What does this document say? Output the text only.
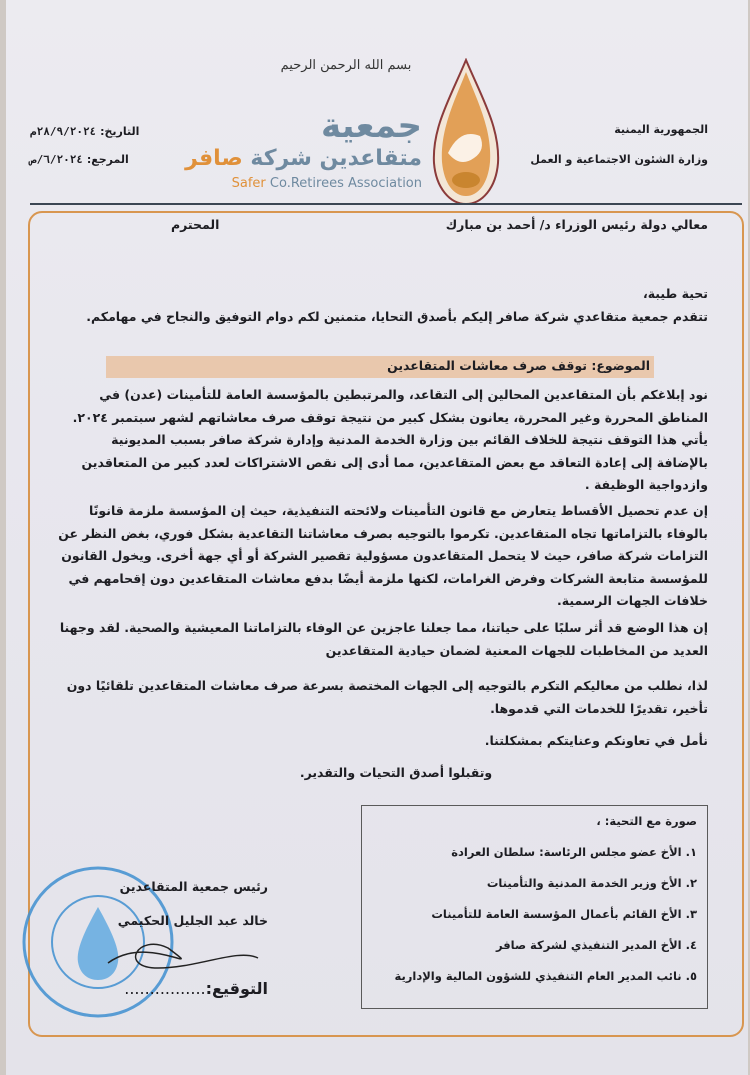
بسم الله الرحمن الرحيم
الجمهورية اليمنية
وزارة الشئون الاجتماعية و العمل
التاريخ: ٢٨/٩/٢٠٢٤م
المرجع: ٦/٢٠٢٤/ص
جمعية
متقاعدين شركة صافر
Safer Co.Retirees Association
معالي دولة رئيس الوزراء د/ أحمد بن مبارك
المحترم
تحية طيبة،
تتقدم جمعية متقاعدي شركة صافر إليكم بأصدق التحايا، متمنين لكم دوام التوفيق والنجاح في مهامكم.
الموضوع: توقف صرف معاشات المتقاعدين
نود إبلاغكم بأن المتقاعدين المحالين إلى التقاعد، والمرتبطين بالمؤسسة العامة للتأمينات (عدن) في المناطق المحررة وغير المحررة، يعانون بشكل كبير من نتيجة توقف صرف معاشاتهم لشهر سبتمبر ٢٠٢٤. يأتي هذا التوقف نتيجة للخلاف القائم بين وزارة الخدمة المدنية وإدارة شركة صافر بسبب المديونية بالإضافة إلى إعادة التعاقد مع بعض المتقاعدين، مما أدى إلى نقص الاشتراكات لعدد كبير من المتعاقدين وازدواجية الوظيفة .
إن عدم تحصيل الأقساط يتعارض مع قانون التأمينات ولائحته التنفيذية، حيث إن المؤسسة ملزمة قانونًا بالوفاء بالتزاماتها تجاه المتقاعدين. تكرموا بالتوجيه بصرف معاشاتنا التقاعدية بشكل فوري، بغض النظر عن التزامات شركة صافر، حيث لا يتحمل المتقاعدون مسؤولية تقصير الشركة أو أي جهة أخرى. ويخول القانون للمؤسسة متابعة الشركات وفرض الغرامات، لكنها ملزمة أيضًا بدفع معاشات المتقاعدين دون إقحامهم في خلافات الجهات الرسمية.
إن هذا الوضع قد أثر سلبًا على حياتنا، مما جعلنا عاجزين عن الوفاء بالتزاماتنا المعيشية والصحية. لقد وجهنا العديد من المخاطبات للجهات المعنية لضمان حيادية المتقاعدين
لذا، نطلب من معاليكم التكرم بالتوجيه إلى الجهات المختصة بسرعة صرف معاشات المتقاعدين تلقائيًا دون تأخير، تقديرًا للخدمات التي قدموها.
نأمل في تعاونكم وعنايتكم بمشكلتنا.
وتقبلوا أصدق التحيات والتقدير.
صورة مع التحية: ،
١. الأخ عضو مجلس الرئاسة: سلطان العرادة
٢. الأخ وزير الخدمة المدنية والتأمينات
٣. الأخ القائم بأعمال المؤسسة العامة للتأمينات
٤. الأخ المدير التنفيذي لشركة صافر
٥. نائب المدير العام التنفيذي للشؤون المالية والإدارية
رئيس جمعية المتقاعدين
خالد عبد الجليل الحكيمي
التوقيع:................
